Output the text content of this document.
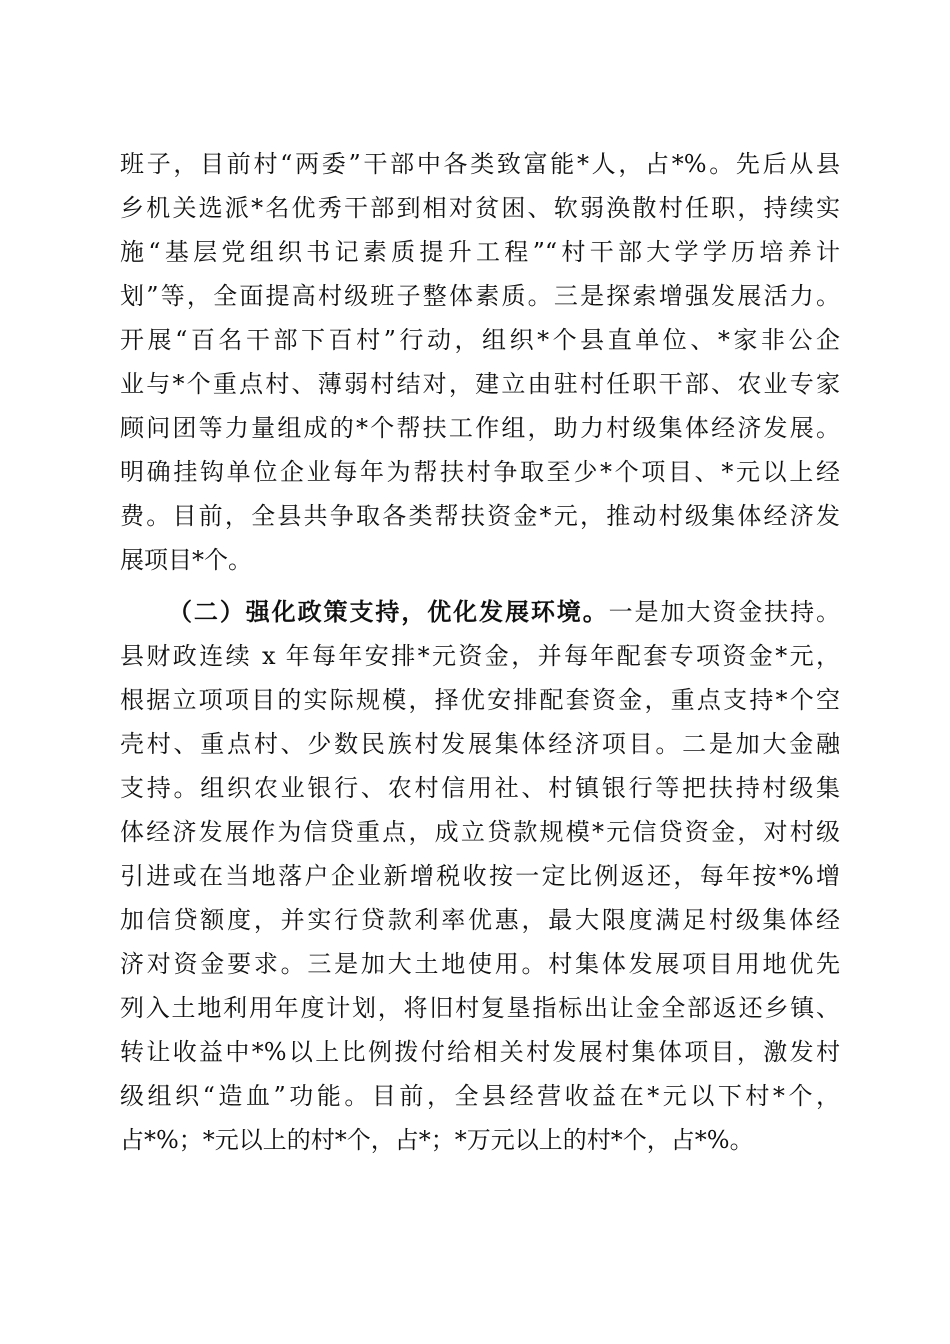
班子，目前村“两委”干部中各类致富能*人，占*%。先后从县
乡机关选派*名优秀干部到相对贫困、软弱涣散村任职，持续实
施“基层党组织书记素质提升工程”“村干部大学学历培养计
划”等，全面提高村级班子整体素质。三是探索增强发展活力。
开展“百名干部下百村”行动，组织*个县直单位、*家非公企
业与*个重点村、薄弱村结对，建立由驻村任职干部、农业专家
顾问团等力量组成的*个帮扶工作组，助力村级集体经济发展。
明确挂钩单位企业每年为帮扶村争取至少*个项目、*元以上经
费。目前，全县共争取各类帮扶资金*元，推动村级集体经济发
展项目*个。
（二）强化政策支持，优化发展环境。一是加大资金扶持。
县财政连续 x 年每年安排*元资金，并每年配套专项资金*元，
根据立项项目的实际规模，择优安排配套资金，重点支持*个空
壳村、重点村、少数民族村发展集体经济项目。二是加大金融
支持。组织农业银行、农村信用社、村镇银行等把扶持村级集
体经济发展作为信贷重点，成立贷款规模*元信贷资金，对村级
引进或在当地落户企业新增税收按一定比例返还，每年按*%增
加信贷额度，并实行贷款利率优惠，最大限度满足村级集体经
济对资金要求。三是加大土地使用。村集体发展项目用地优先
列入土地利用年度计划，将旧村复垦指标出让金全部返还乡镇、
转让收益中*%以上比例拨付给相关村发展村集体项目，激发村
级组织“造血”功能。目前，全县经营收益在*元以下村*个，
占*%；*元以上的村*个，占*；*万元以上的村*个，占*%。
